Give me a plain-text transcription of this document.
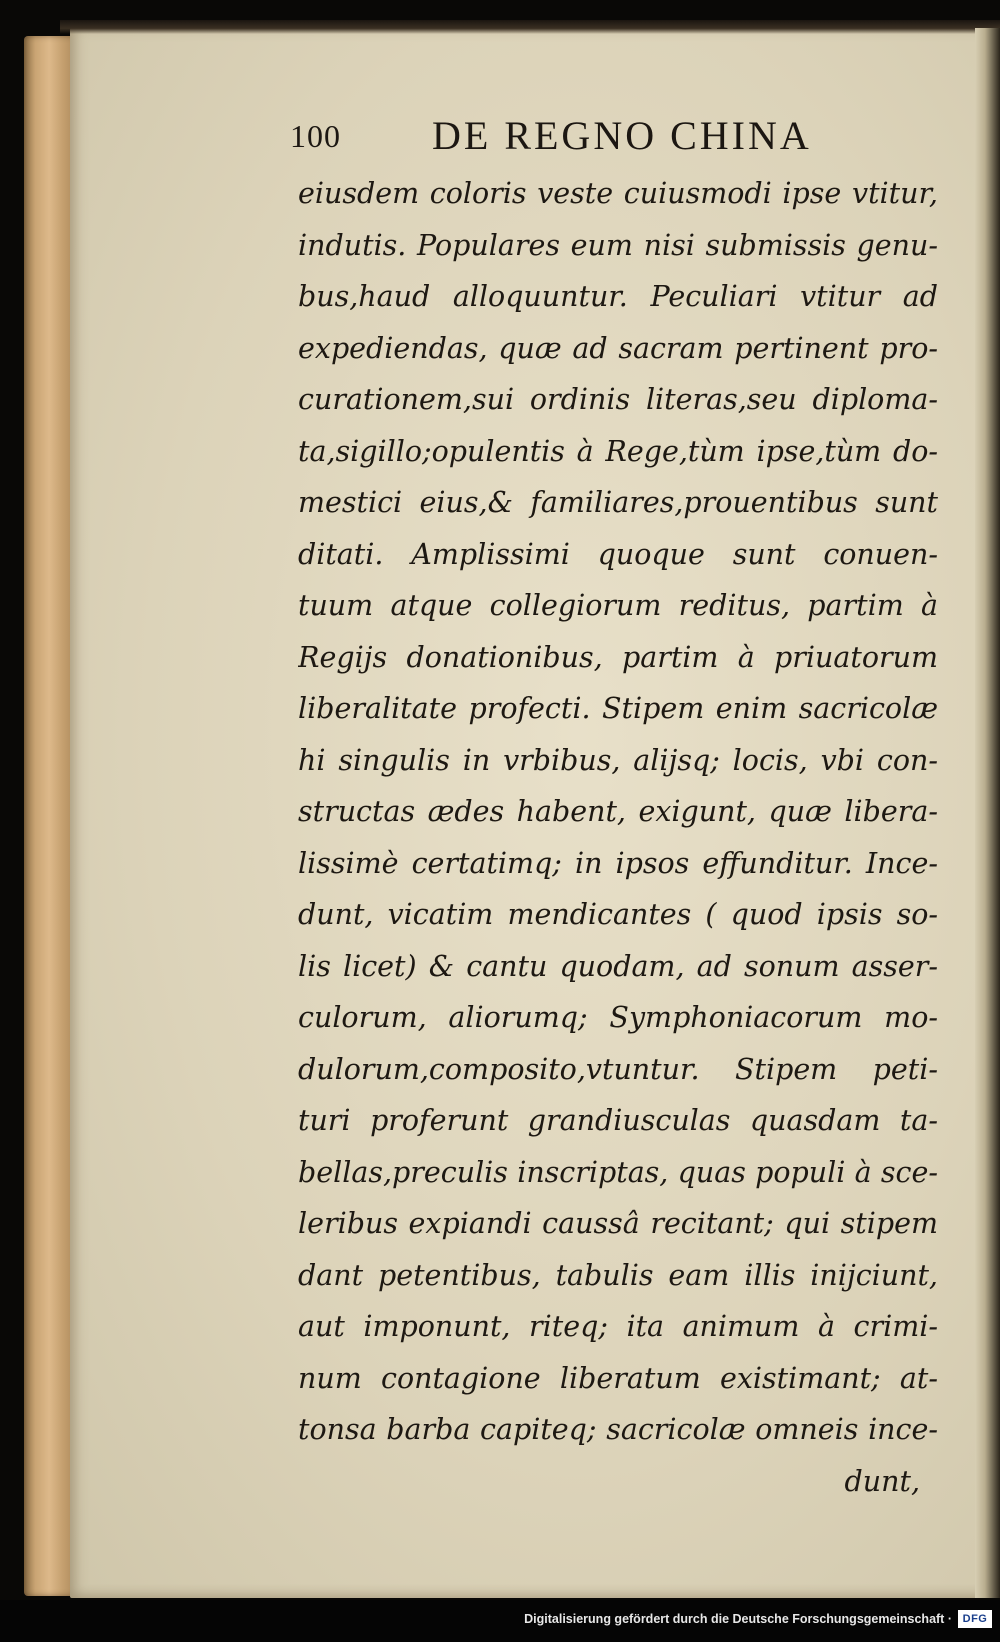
100 DE REGNO CHINA
eiusdem coloris veste cuiusmodi ipse vtitur,
indutis. Populares eum nisi submissis genu-
bus,haud alloquuntur. Peculiari vtitur ad
expediendas, quæ ad sacram pertinent pro-
curationem,sui ordinis literas,seu diploma-
ta,sigillo;opulentis à Rege,tùm ipse,tùm do-
mestici eius,& familiares,prouentibus sunt
ditati. Amplissimi quoque sunt conuen-
tuum atque collegiorum reditus, partim à
Regijs donationibus, partim à priuatorum
liberalitate profecti. Stipem enim sacricolæ
hi singulis in vrbibus, alijsq; locis, vbi con-
structas ædes habent, exigunt, quæ libera-
lissimè certatimq; in ipsos effunditur. Ince-
dunt, vicatim mendicantes ( quod ipsis so-
lis licet) & cantu quodam, ad sonum asser-
culorum, aliorumq; Symphoniacorum mo-
dulorum,composito,vtuntur. Stipem peti-
turi proferunt grandiusculas quasdam ta-
bellas,preculis inscriptas, quas populi à sce-
leribus expiandi caussâ recitant; qui stipem
dant petentibus, tabulis eam illis inijciunt,
aut imponunt, riteq; ita animum à crimi-
num contagione liberatum existimant; at-
tonsa barba capiteq; sacricolæ omneis ince-
dunt,
Digitalisierung gefördert durch die Deutsche Forschungsgemeinschaft · DFG
